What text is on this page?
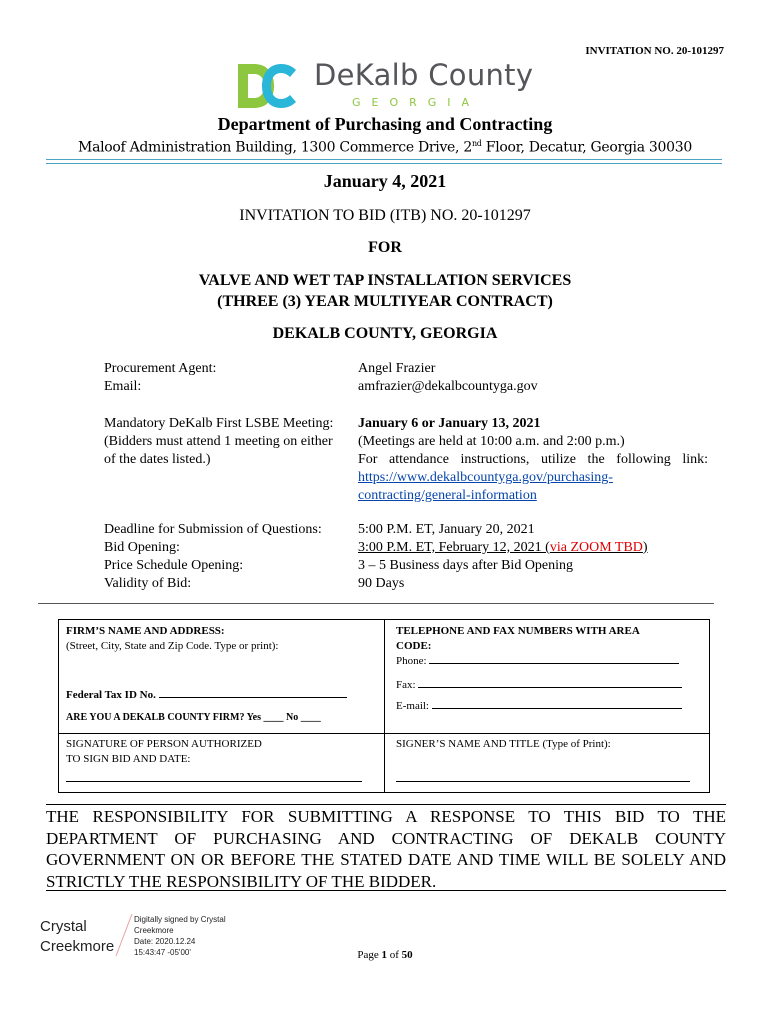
INVITATION NO. 20-101297
DeKalb County
GEORGIA
Department of Purchasing and Contracting
Maloof Administration Building, 1300 Commerce Drive, 2nd Floor, Decatur, Georgia 30030
January 4, 2021
INVITATION TO BID (ITB) NO. 20-101297
FOR
VALVE AND WET TAP INSTALLATION SERVICES
(THREE (3) YEAR MULTIYEAR CONTRACT)
DEKALB COUNTY, GEORGIA
Procurement Agent:
Email:
Angel Frazier
amfrazier@dekalbcountyga.gov
Mandatory DeKalb First LSBE Meeting:
(Bidders must attend 1 meeting on either
of the dates listed.)
January 6 or January 13, 2021
(Meetings are held at 10:00 a.m. and 2:00 p.m.)
For attendance instructions, utilize the following link:
https://www.dekalbcountyga.gov/purchasing-
contracting/general-information
Deadline for Submission of Questions:
Bid Opening:
Price Schedule Opening:
Validity of Bid:
5:00 P.M. ET, January 20, 2021
3:00 P.M. ET, February 12, 2021 (via ZOOM TBD)
3 – 5 Business days after Bid Opening
90 Days
FIRM’S NAME AND ADDRESS:
(Street, City, State and Zip Code. Type or print):
Federal Tax ID No.
ARE YOU A DEKALB COUNTY FIRM? Yes ____ No ____
TELEPHONE AND FAX NUMBERS WITH AREA
CODE:
Phone:
Fax:
E-mail:
SIGNATURE OF PERSON AUTHORIZED
TO SIGN BID AND DATE:
SIGNER’S NAME AND TITLE (Type of Print):
THE RESPONSIBILITY FOR SUBMITTING A RESPONSE TO THIS BID TO THE DEPARTMENT OF PURCHASING AND CONTRACTING OF DEKALB COUNTY GOVERNMENT ON OR BEFORE THE STATED DATE AND TIME WILL BE SOLELY AND STRICTLY THE RESPONSIBILITY OF THE BIDDER.
Crystal
Creekmore
Digitally signed by Crystal
Creekmore
Date: 2020.12.24
15:43:47 -05'00'	Page 1 of 50
